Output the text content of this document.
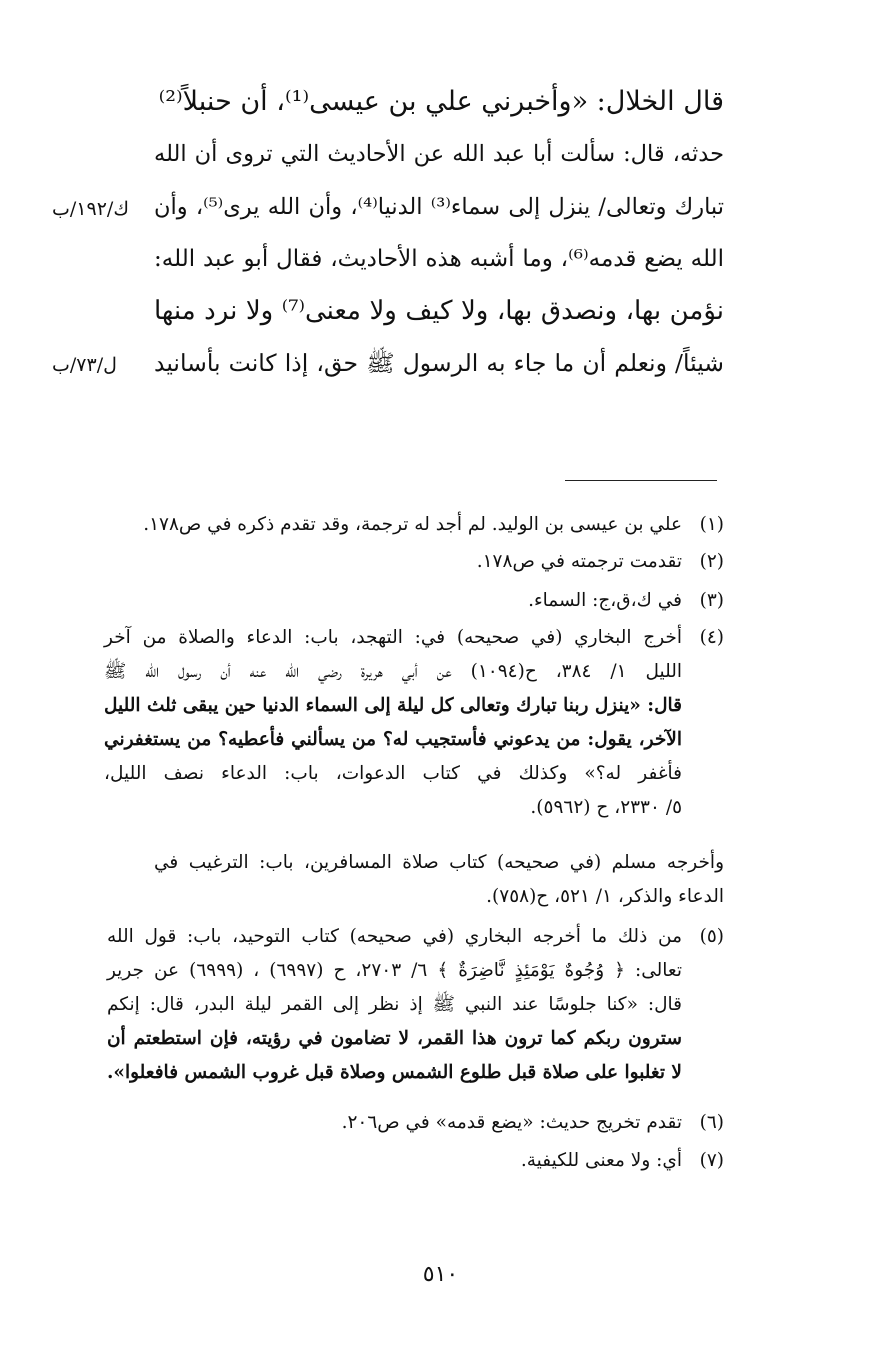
قال الخلال: «وأخبرني علي بن عيسى⁽¹⁾، أن حنبلاً⁽²⁾
حدثه، قال: سألت أبا عبد الله عن الأحاديث التي تروى أن الله
تبارك وتعالى/ ينزل إلى سماء⁽³⁾ الدنيا⁽⁴⁾، وأن الله يرى⁽⁵⁾، وأن
الله يضع قدمه⁽⁶⁾، وما أشبه هذه الأحاديث، فقال أبو عبد الله:
نؤمن بها، ونصدق بها، ولا كيف ولا معنى⁽⁷⁾ ولا نرد منها
شيئاً/ ونعلم أن ما جاء به الرسول ﷺ حق، إذا كانت بأسانيد
ك/١٩٢/ب
ل/٧٣/ب
(١)
علي بن عيسى بن الوليد. لم أجد له ترجمة، وقد تقدم ذكره في ص١٧٨.
(٢)
تقدمت ترجمته في ص١٧٨.
(٣)
في ك،ق،ج: السماء.
(٤)
أخرج البخاري (في صحيحه) في: التهجد، باب: الدعاء والصلاة من آخر
الليل ١/ ٣٨٤، ح(١٠٩٤) عن أبي هريرة رضي الله عنه أن رسول الله ﷺ
قال: «ينزل ربنا تبارك وتعالى كل ليلة إلى السماء الدنيا حين يبقى ثلث الليل
الآخر، يقول: من يدعوني فأستجيب له؟ من يسألني فأعطيه؟ من يستغفرني
فأغفر له؟» وكذلك في كتاب الدعوات، باب: الدعاء نصف الليل،
٥/ ٢٣٣٠، ح (٥٩٦٢).
وأخرجه مسلم (في صحيحه) كتاب صلاة المسافرين، باب: الترغيب في
الدعاء والذكر، ١/ ٥٢١، ح(٧٥٨).
(٥)
من ذلك ما أخرجه البخاري (في صحيحه) كتاب التوحيد، باب: قول الله
تعالى: ﴿ وُجُوهٌ يَوْمَئِذٍ نَّاضِرَةٌ ﴾ ٦/ ٢٧٠٣، ح (٦٩٩٧) ، (٦٩٩٩) عن جرير
قال: «كنا جلوسًا عند النبي ﷺ إذ نظر إلى القمر ليلة البدر، قال: إنكم
سترون ربكم كما ترون هذا القمر، لا تضامون في رؤيته، فإن استطعتم أن
لا تغلبوا على صلاة قبل طلوع الشمس وصلاة قبل غروب الشمس فافعلوا».
(٦)
تقدم تخريج حديث: «يضع قدمه» في ص٢٠٦.
(٧)
أي: ولا معنى للكيفية.
٥١٠
